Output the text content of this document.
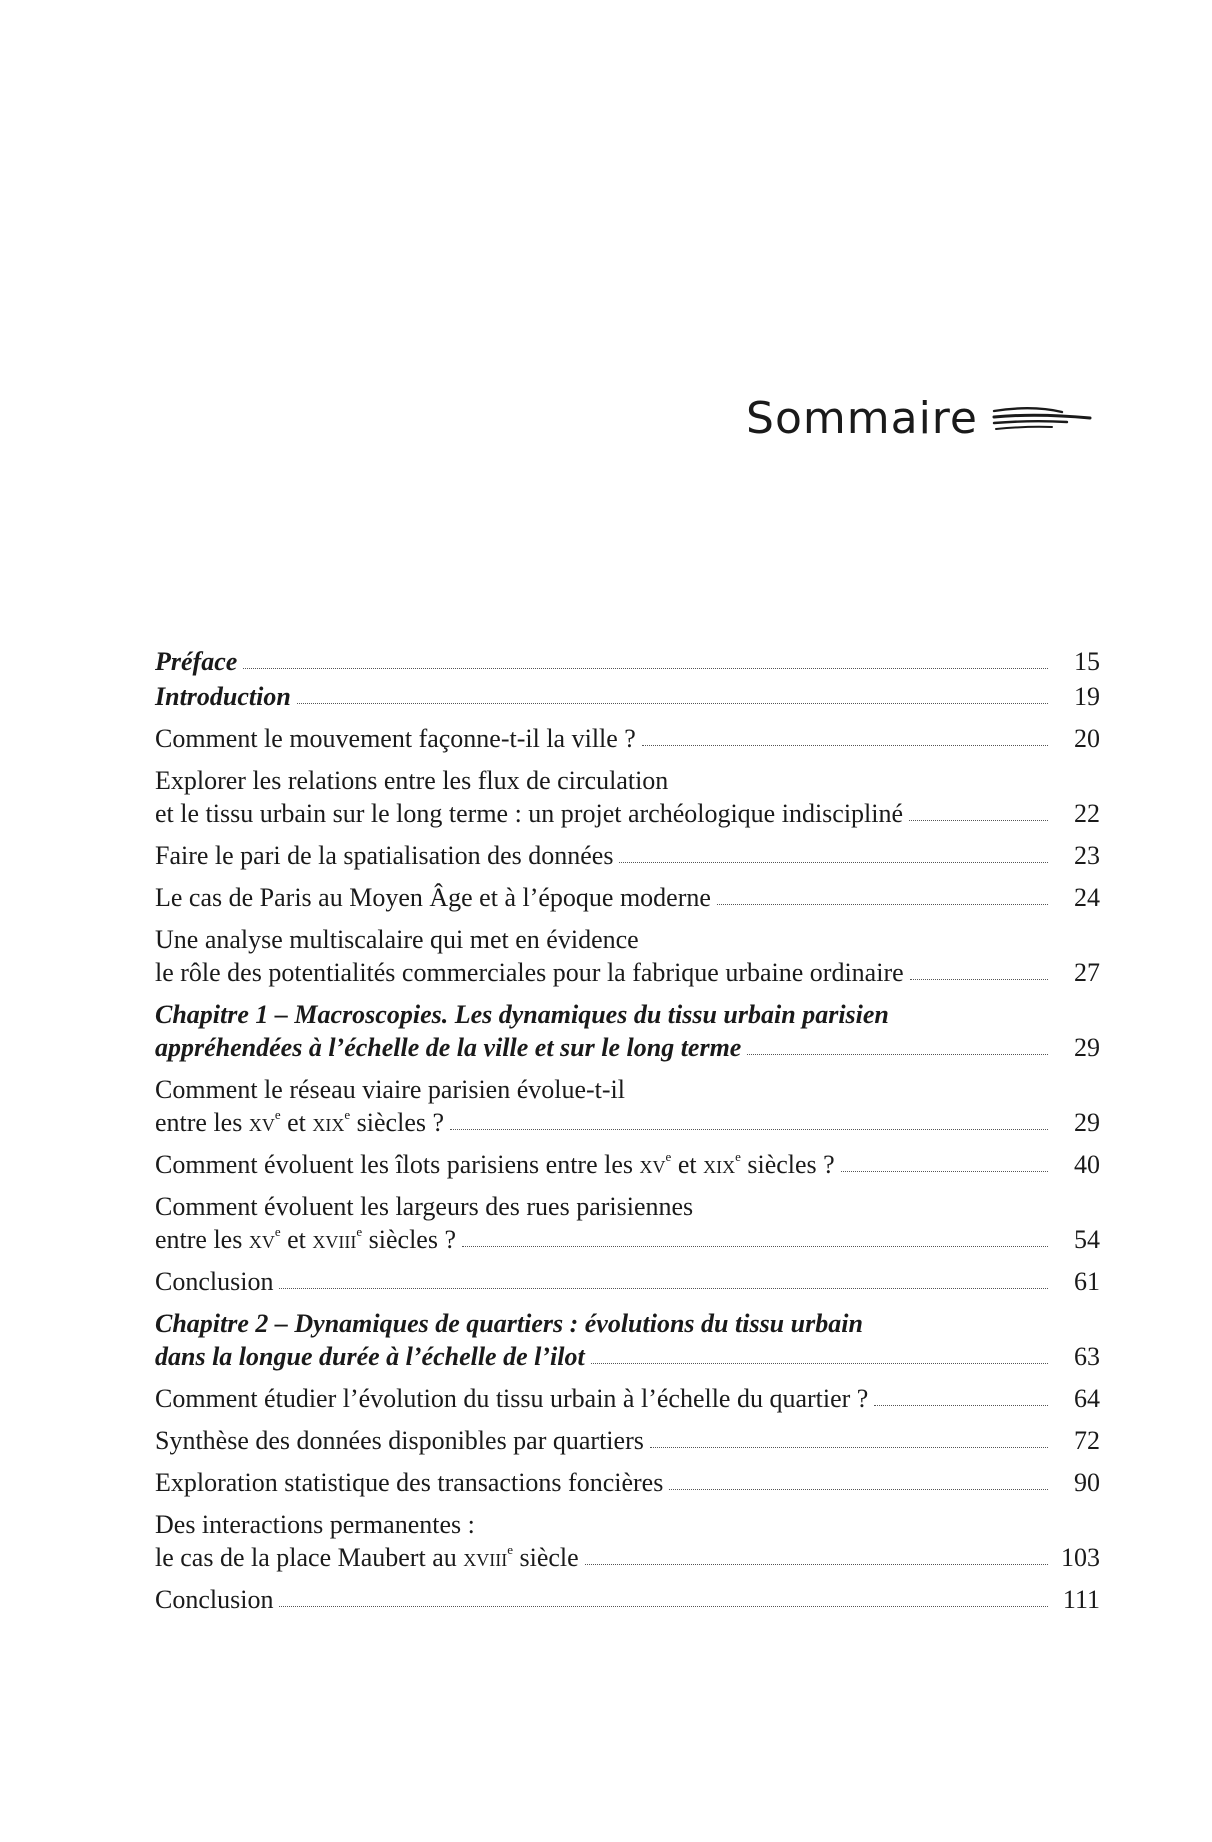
Sommaire
Préface	15
Introduction	19
Comment le mouvement façonne-t-il la ville ?	20
Explorer les relations entre les flux de circulation
et le tissu urbain sur le long terme : un projet archéologique indiscipliné	22
Faire le pari de la spatialisation des données	23
Le cas de Paris au Moyen Âge et à l’époque moderne	24
Une analyse multiscalaire qui met en évidence
le rôle des potentialités commerciales pour la fabrique urbaine ordinaire	27
Chapitre 1 – Macroscopies. Les dynamiques du tissu urbain parisien
appréhendées à l’échelle de la ville et sur le long terme	29
Comment le réseau viaire parisien évolue-t-il
entre les $xv^e$ et xix$^e$ siècles ?	29
Comment évoluent les îlots parisiens entre les $xv^e$ et xix$^e$ siècles ?	40
Comment évoluent les largeurs des rues parisiennes
entre les $xv^e$ et xviii$^e$ siècles ?	54
Conclusion	61
Chapitre 2 – Dynamiques de quartiers : évolutions du tissu urbain
dans la longue durée à l’échelle de l’ilot	63
Comment étudier l’évolution du tissu urbain à l’échelle du quartier ?	64
Synthèse des données disponibles par quartiers	72
Exploration statistique des transactions foncières	90
Des interactions permanentes :
le cas de la place Maubert au xviii$^e$ siècle	103
Conclusion	111
